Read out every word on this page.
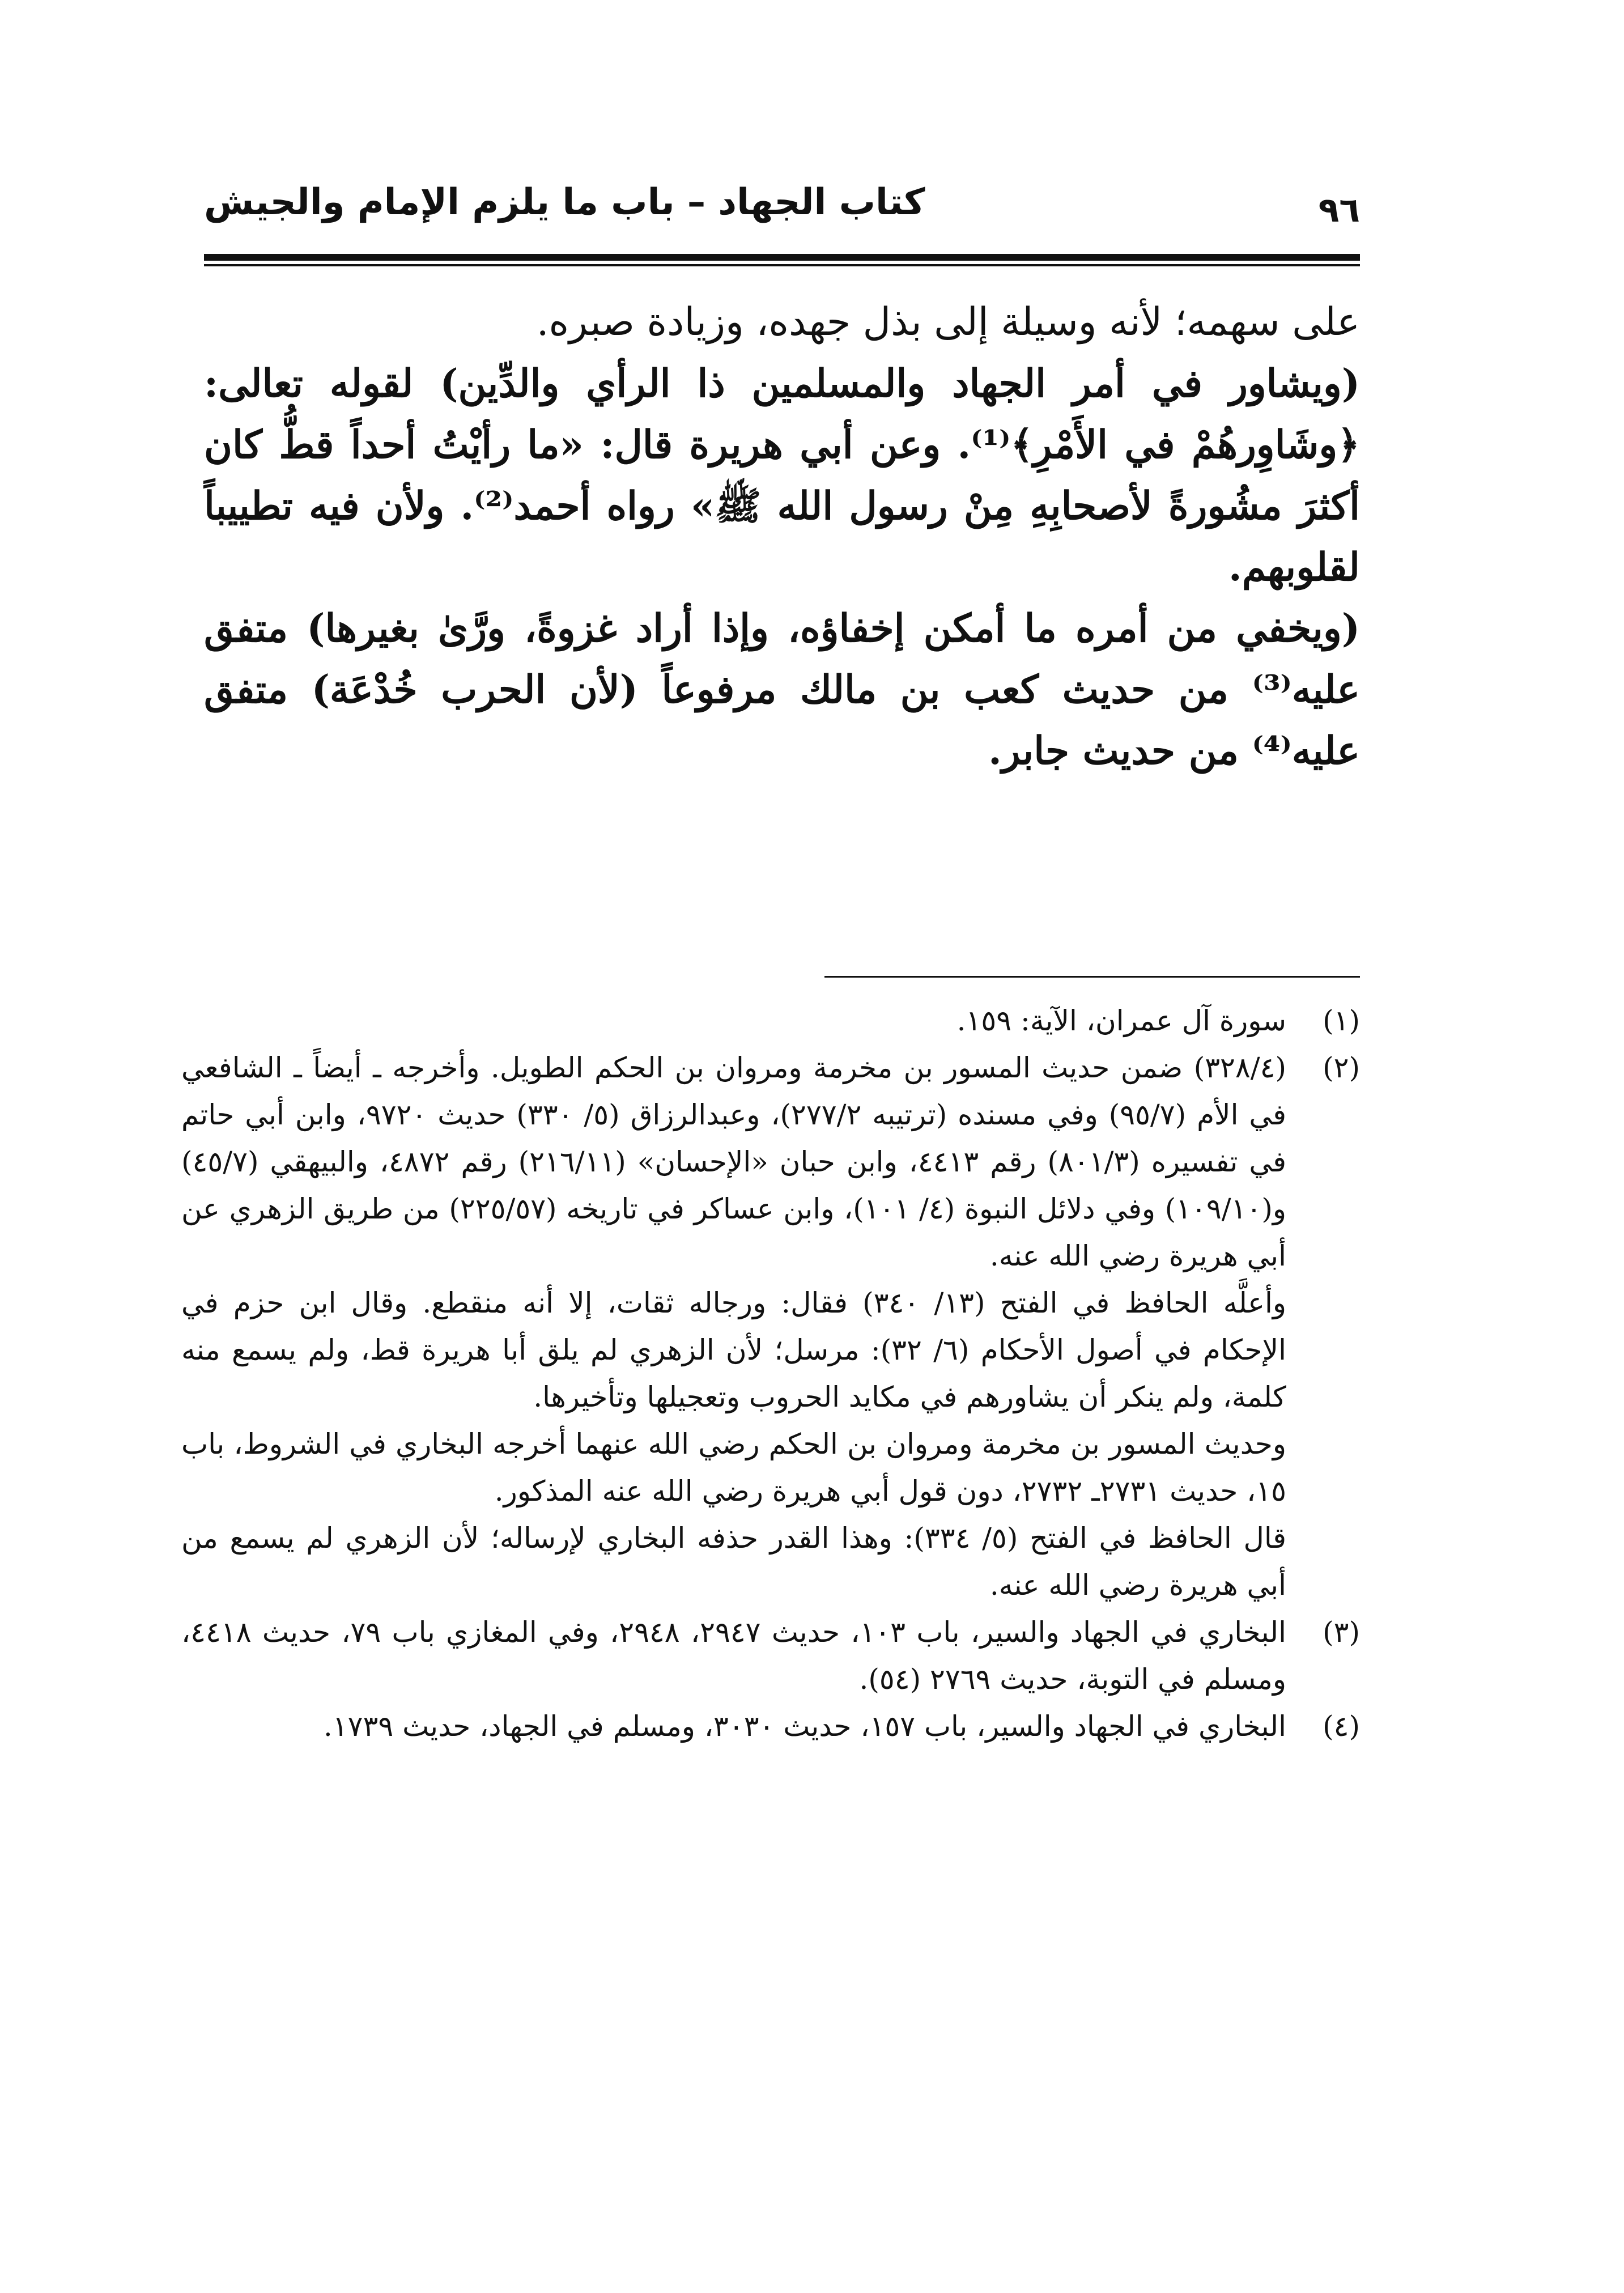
كتاب الجهاد – باب ما يلزم الإمام والجيش	٩٦

على سهمه؛ لأنه وسيلة إلى بذل جهده، وزيادة صبره.

(ويشاور في أمر الجهاد والمسلمين ذا الرأي والدِّين) لقوله تعالى: ﴿وشَاوِرهُمْ في الأَمْرِ﴾⁽¹⁾. وعن أبي هريرة قال: «ما رأيْتُ أحداً قطُّ كان أكثرَ مشُورةً لأصحابِهِ مِنْ رسول الله ﷺ» رواه أحمد⁽²⁾. ولأن فيه تطييباً لقلوبهم.

(ويخفي من أمره ما أمكن إخفاؤه، وإذا أراد غزوةً، ورَّىٰ بغيرها) متفق عليه⁽³⁾ من حديث كعب بن مالك مرفوعاً (لأن الحرب خُدْعَة) متفق عليه⁽⁴⁾ من حديث جابر.

(١)
سورة آل عمران، الآية: ١٥٩.
(٢)
(٣٢٨/٤) ضمن حديث المسور بن مخرمة ومروان بن الحكم الطويل. وأخرجه ـ أيضاً ـ الشافعي في الأم (٩٥/٧) وفي مسنده (ترتيبه ٢٧٧/٢)، وعبدالرزاق (٥/ ٣٣٠) حديث ٩٧٢٠، وابن أبي حاتم في تفسيره (٨٠١/٣) رقم ٤٤١٣، وابن حبان «الإحسان» (٢١٦/١١) رقم ٤٨٧٢، والبيهقي (٤٥/٧) و(١٠٩/١٠) وفي دلائل النبوة (٤/ ١٠١)، وابن عساكر في تاريخه (٢٢٥/٥٧) من طريق الزهري عن أبي هريرة رضي الله عنه.

وأعلَّه الحافظ في الفتح (١٣/ ٣٤٠) فقال: ورجاله ثقات، إلا أنه منقطع. وقال ابن حزم في الإحكام في أصول الأحكام (٦/ ٣٢): مرسل؛ لأن الزهري لم يلق أبا هريرة قط، ولم يسمع منه كلمة، ولم ينكر أن يشاورهم في مكايد الحروب وتعجيلها وتأخيرها.

وحديث المسور بن مخرمة ومروان بن الحكم رضي الله عنهما أخرجه البخاري في الشروط، باب ١٥، حديث ٢٧٣١ـ ٢٧٣٢، دون قول أبي هريرة رضي الله عنه المذكور.

قال الحافظ في الفتح (٥/ ٣٣٤): وهذا القدر حذفه البخاري لإرساله؛ لأن الزهري لم يسمع من أبي هريرة رضي الله عنه.

(٣)
البخاري في الجهاد والسير، باب ١٠٣، حديث ٢٩٤٧، ٢٩٤٨، وفي المغازي باب ٧٩، حديث ٤٤١٨، ومسلم في التوبة، حديث ٢٧٦٩ (٥٤).
(٤)
البخاري في الجهاد والسير، باب ١٥٧، حديث ٣٠٣٠، ومسلم في الجهاد، حديث ١٧٣٩.
